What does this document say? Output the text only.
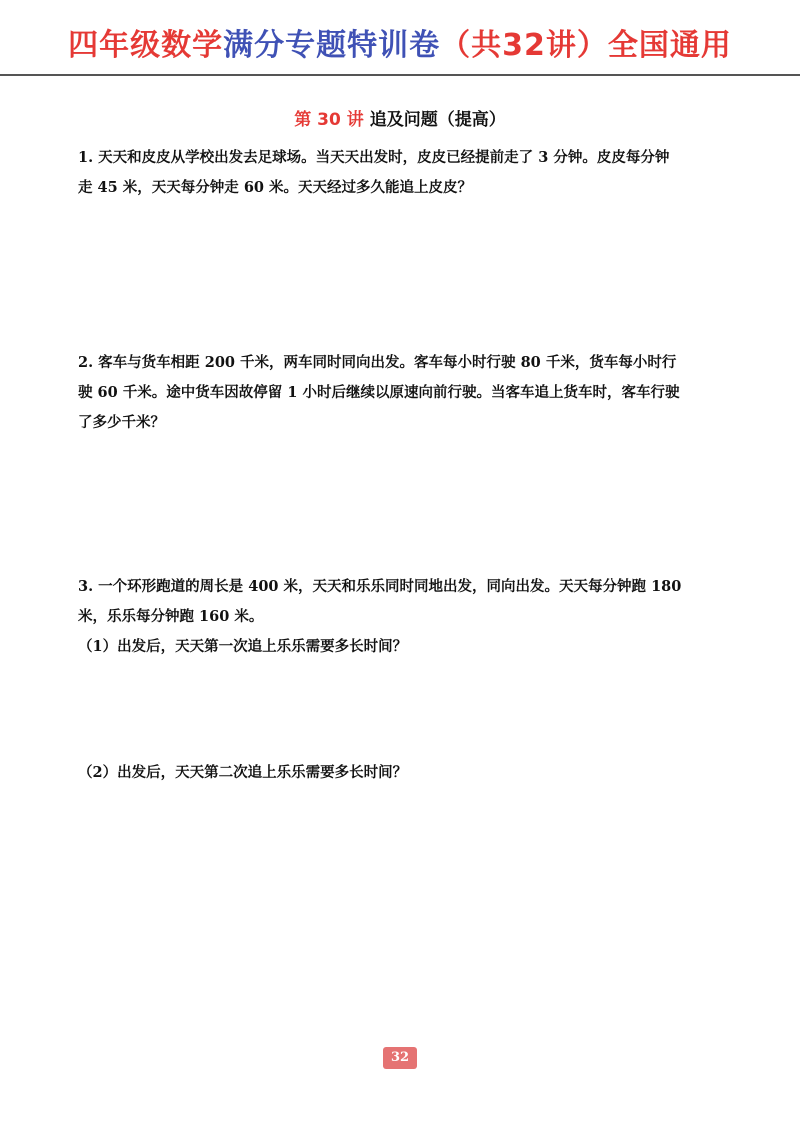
四年级数学满分专题特训卷（共32讲）全国通用
第 30 讲 追及问题（提高）

1. 天天和皮皮从学校出发去足球场。当天天出发时，皮皮已经提前走了 3 分钟。皮皮每分钟

走 45 米，天天每分钟走 60 米。天天经过多久能追上皮皮？

2. 客车与货车相距 200 千米，两车同时同向出发。客车每小时行驶 80 千米，货车每小时行

驶 60 千米。途中货车因故停留 1 小时后继续以原速向前行驶。当客车追上货车时，客车行驶

了多少千米？

3. 一个环形跑道的周长是 400 米，天天和乐乐同时同地出发，同向出发。天天每分钟跑 180

米，乐乐每分钟跑 160 米。

（1）出发后，天天第一次追上乐乐需要多长时间？

（2）出发后，天天第二次追上乐乐需要多长时间？

32
